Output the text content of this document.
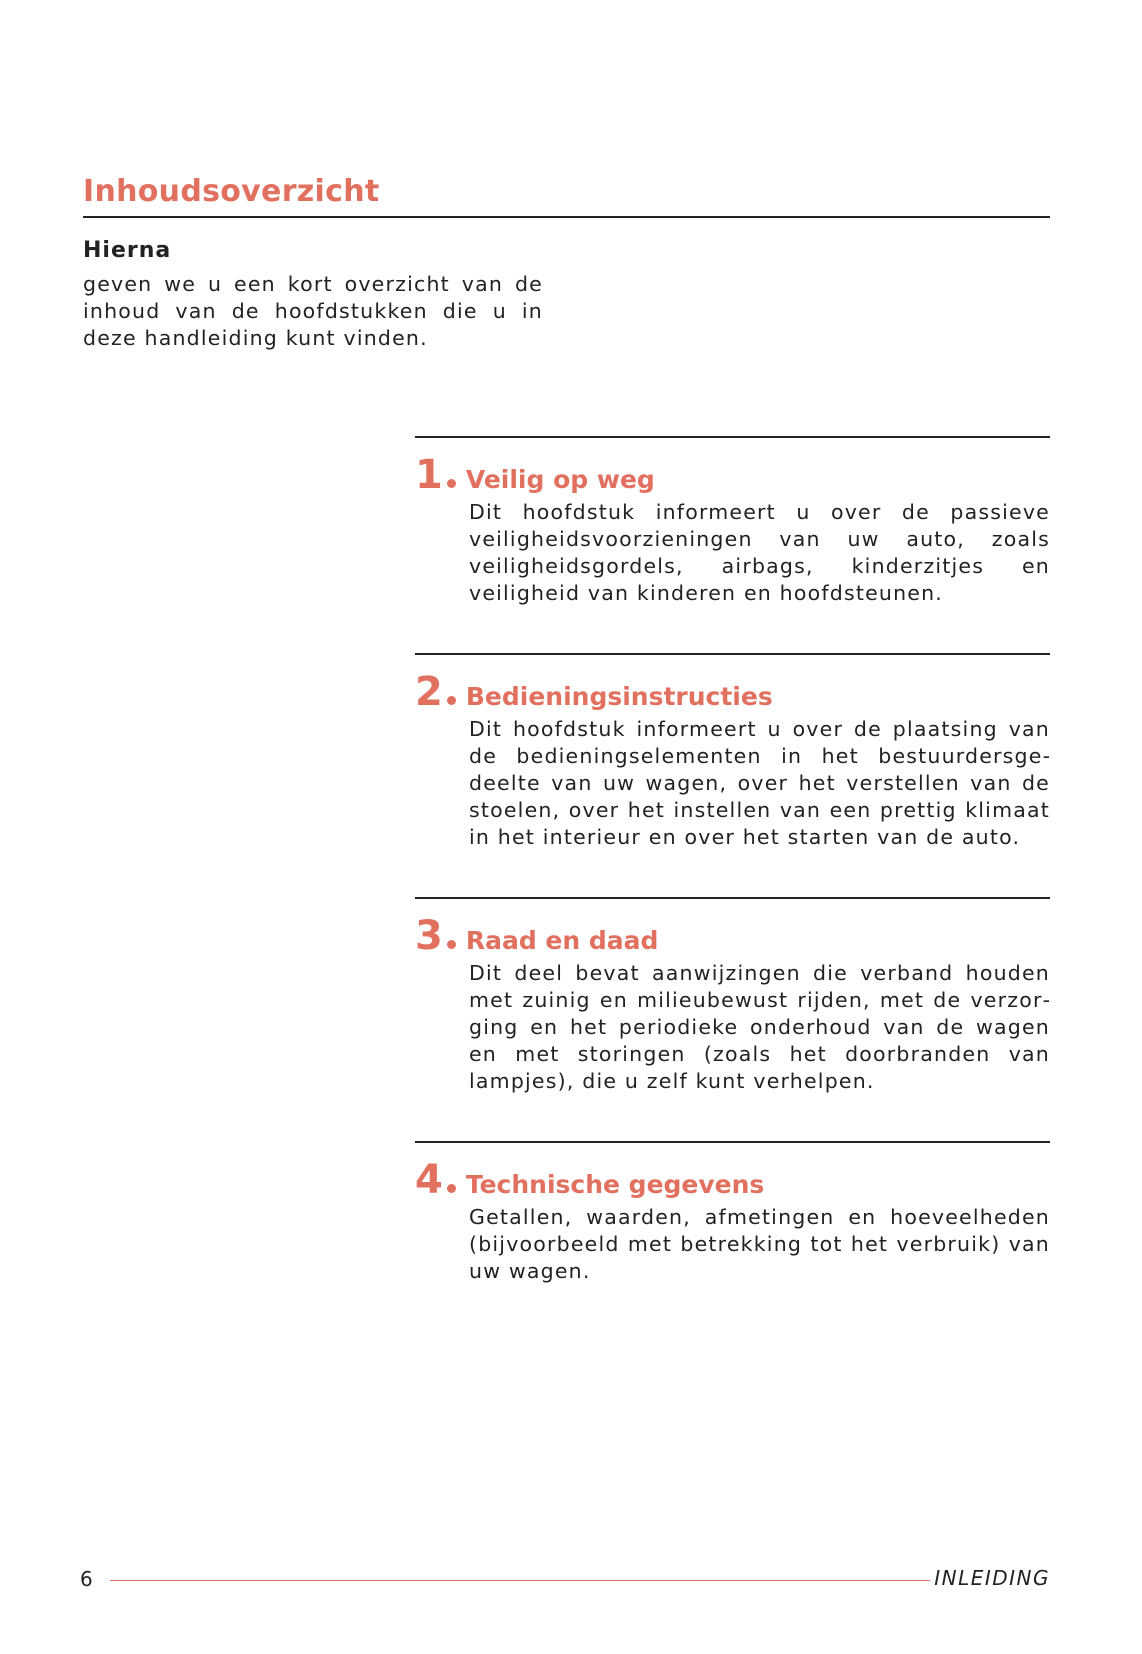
Inhoudsoverzicht
Hierna

geven we u een kort overzicht van de inhoud van de hoofdstukken die u in deze handleiding kunt vinden.

1 Veilig op weg

Dit hoofdstuk informeert u over de passieve veiligheidsvoorzieningen van uw auto, zoals veiligheidsgordels, airbags, kinderzitjes en veiligheid van kinderen en hoofdsteunen.

2 Bedieningsinstructies

Dit hoofdstuk informeert u over de plaatsing van de bedieningselementen in het bestuurdersgedeelte van uw wagen, over het verstellen van de stoelen, over het instellen van een prettig klimaat in het interieur en over het starten van de auto.

3 Raad en daad

Dit deel bevat aanwijzingen die verband houden met zuinig en milieubewust rijden, met de verzorging en het periodieke onderhoud van de wagen en met storingen (zoals het doorbranden van lampjes), die u zelf kunt verhelpen.

4 Technische gegevens

Getallen, waarden, afmetingen en hoeveelheden (bijvoorbeeld met betrekking tot het verbruik) van uw wagen.

6	INLEIDING
